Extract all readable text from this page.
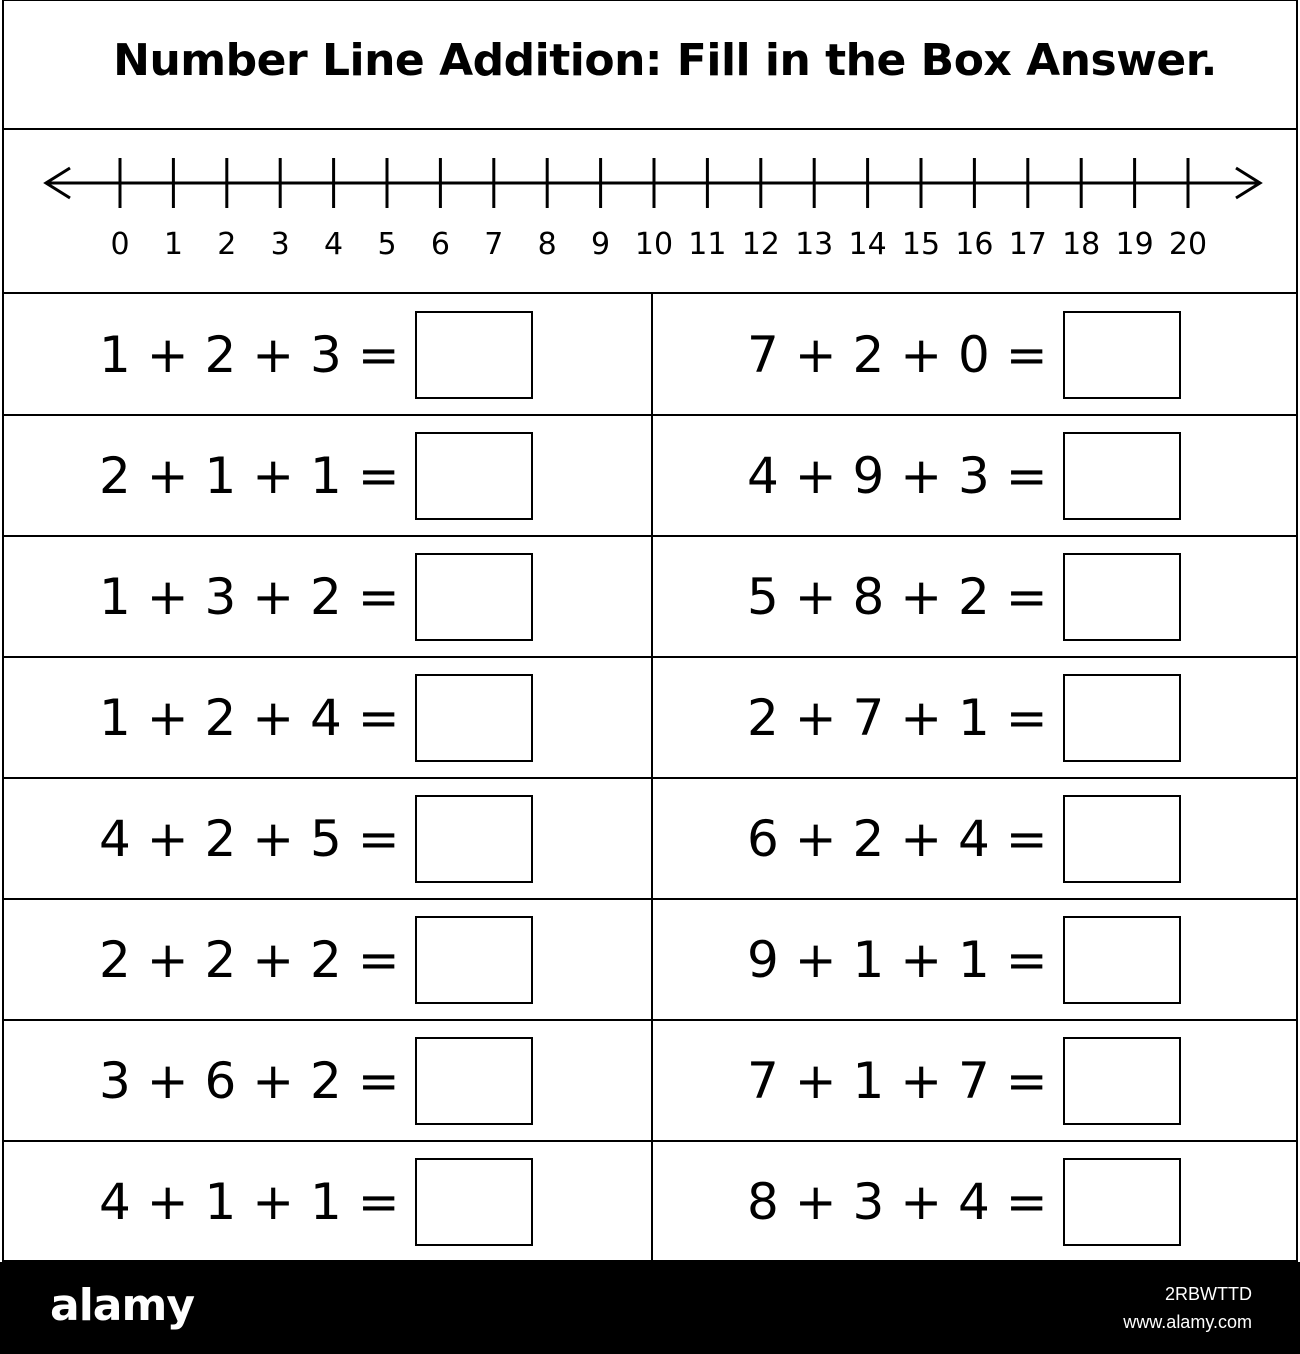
Number Line Addition: Fill in the Box Answer.
0 1 2 3 4 5 6 7 8 9 10 11 12 13 14 15 16 17 18 19 20
1 + 2 + 3 =
2 + 1 + 1 =
1 + 3 + 2 =
1 + 2 + 4 =
4 + 2 + 5 =
2 + 2 + 2 =
3 + 6 + 2 =
4 + 1 + 1 =
7 + 2 + 0 =
4 + 9 + 3 =
5 + 8 + 2 =
2 + 7 + 1 =
6 + 2 + 4 =
9 + 1 + 1 =
7 + 1 + 7 =
8 + 3 + 4 =
alamy	2RBWTTD
www.alamy.com
